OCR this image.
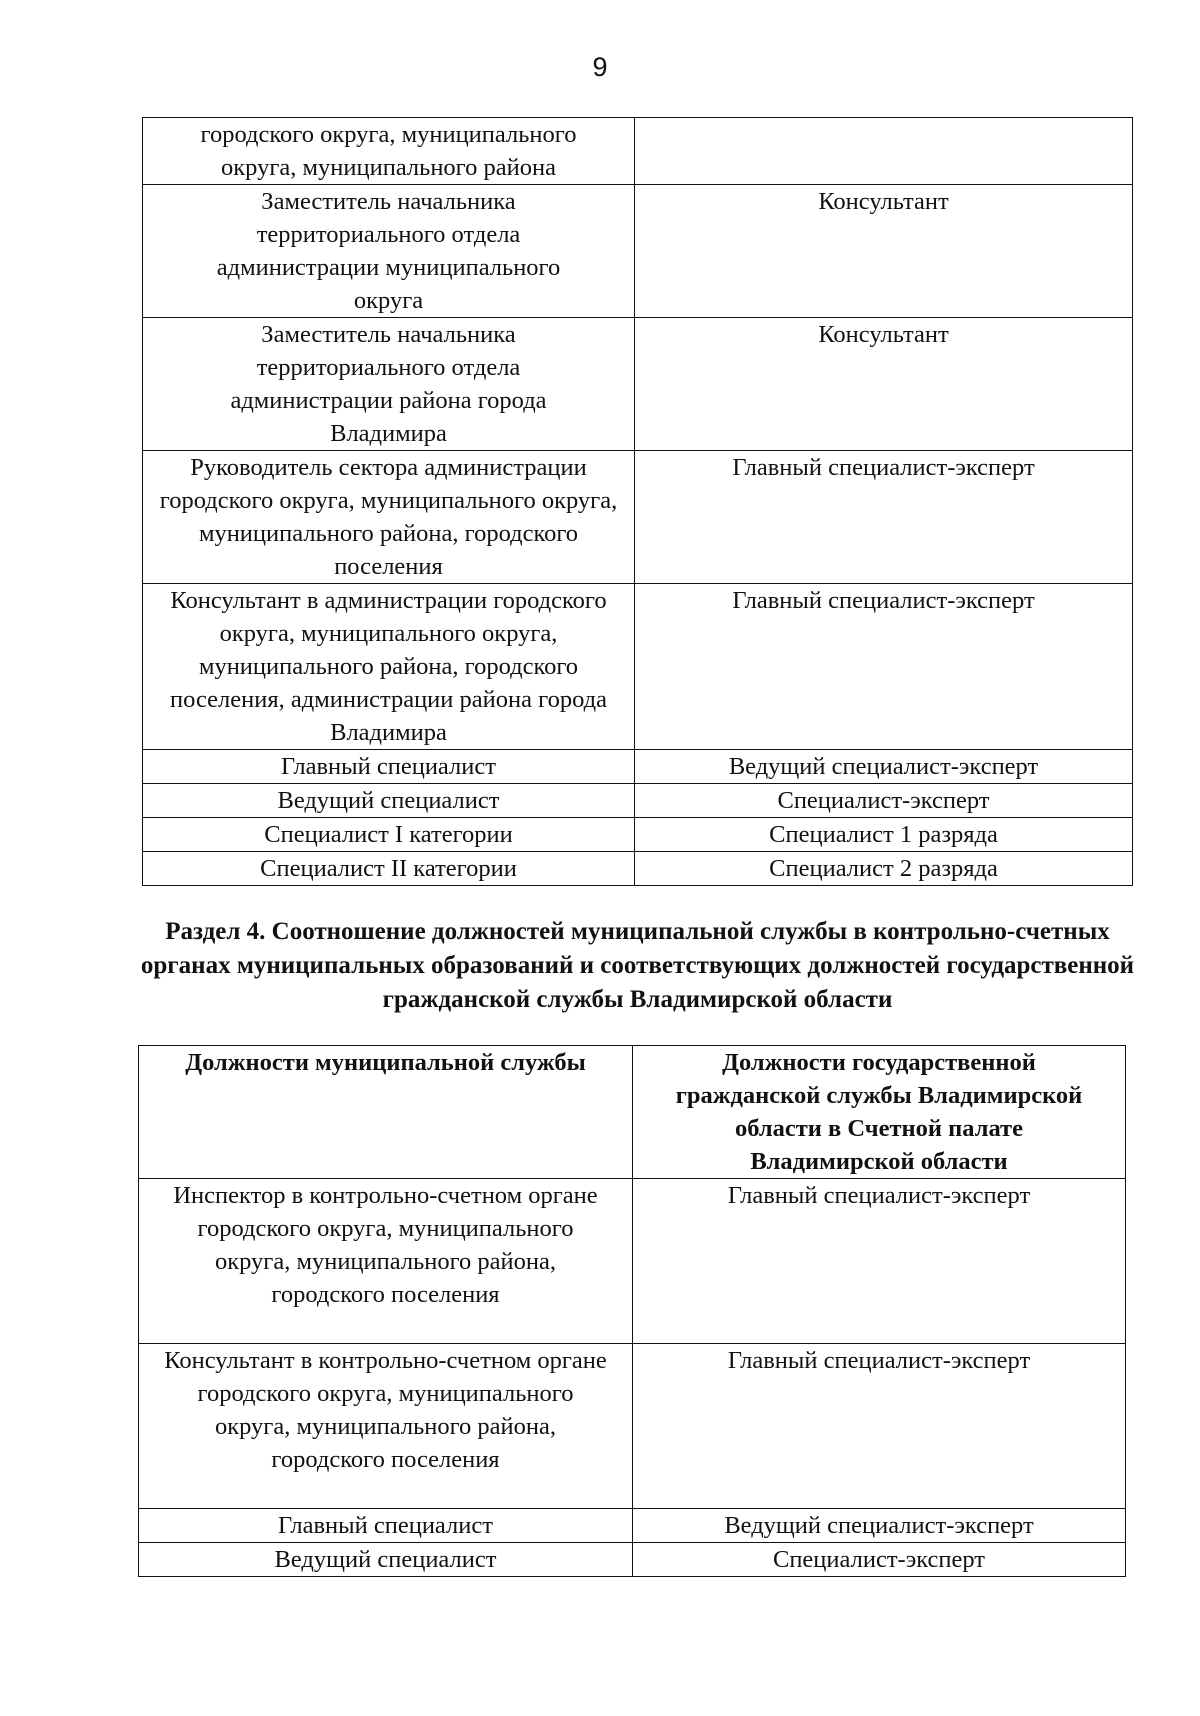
9
городского округа, муниципального округа, муниципального района	
Заместитель начальника территориального отдела администрации муниципального округа	Консультант
Заместитель начальника территориального отдела администрации района города Владимира	Консультант
Руководитель сектора администрации городского округа, муниципального округа, муниципального района, городского поселения	Главный специалист-эксперт
Консультант в администрации городского округа, муниципального округа, муниципального района, городского поселения, администрации района города Владимира	Главный специалист-эксперт
Главный специалист	Ведущий специалист-эксперт
Ведущий специалист	Специалист-эксперт
Специалист I категории	Специалист 1 разряда
Специалист II категории	Специалист 2 разряда
Раздел 4. Соотношение должностей муниципальной службы в контрольно-счетных органах муниципальных образований и соответствующих должностей государственной гражданской службы Владимирской области
Должности муниципальной службы	Должности государственной гражданской службы Владимирской области в Счетной палате Владимирской области
Инспектор в контрольно-счетном органе городского округа, муниципального округа, муниципального района, городского поселения	Главный специалист-эксперт
Консультант в контрольно-счетном органе городского округа, муниципального округа, муниципального района, городского поселения	Главный специалист-эксперт
Главный специалист	Ведущий специалист-эксперт
Ведущий специалист	Специалист-эксперт
